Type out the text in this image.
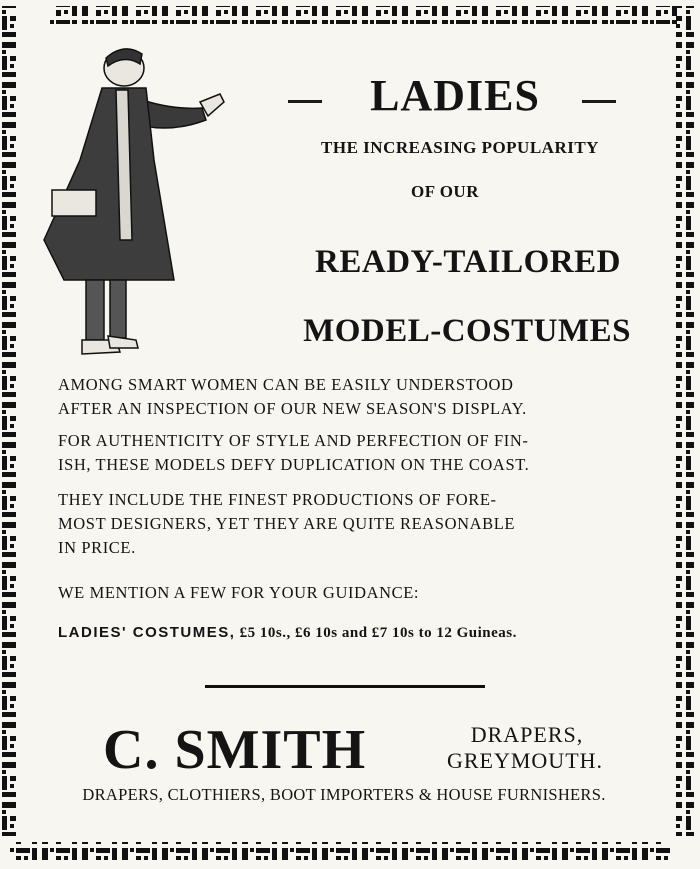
LADIES
THE INCREASING POPULARITY
OF OUR
READY-TAILORED
MODEL-COSTUMES
AMONG SMART WOMEN CAN BE EASILY UNDERSTOOD
AFTER AN INSPECTION OF OUR NEW SEASON'S DISPLAY.
FOR AUTHENTICITY OF STYLE AND PERFECTION OF FIN-
ISH, THESE MODELS DEFY DUPLICATION ON THE COAST.
THEY INCLUDE THE FINEST PRODUCTIONS OF FORE-
MOST DESIGNERS, YET THEY ARE QUITE REASONABLE
IN PRICE.
WE MENTION A FEW FOR YOUR GUIDANCE:
LADIES' COSTUMES, £5 10s., £6 10s and £7 10s to 12 Guineas.
C. SMITH	DRAPERS,
GREYMOUTH.
DRAPERS, CLOTHIERS, BOOT IMPORTERS & HOUSE FURNISHERS.
